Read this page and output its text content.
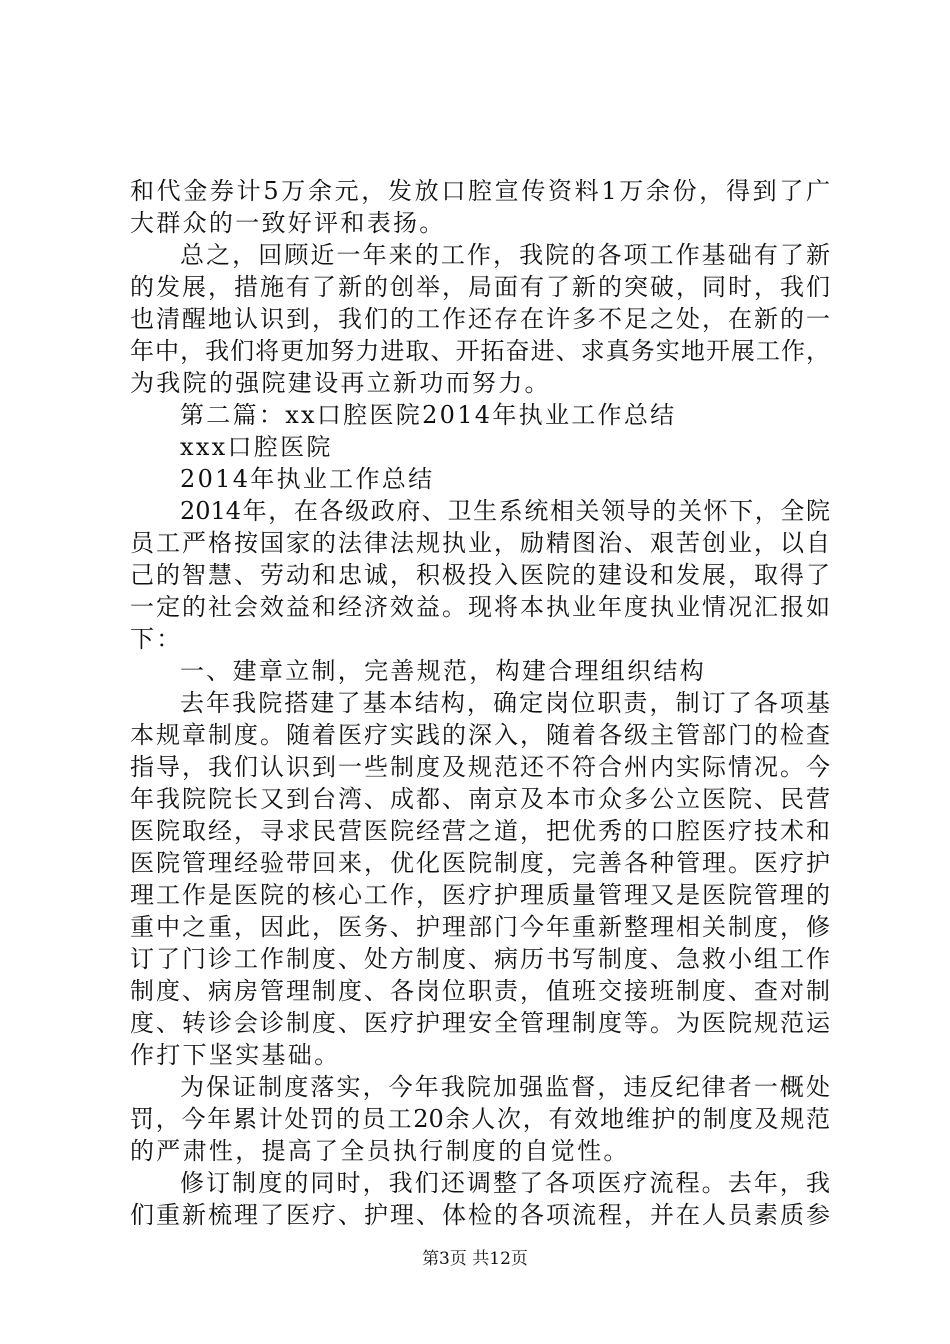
和代金券计5万余元，发放口腔宣传资料1万余份，得到了广
大群众的一致好评和表扬。
总之，回顾近一年来的工作，我院的各项工作基础有了新
的发展，措施有了新的创举，局面有了新的突破，同时，我们
也清醒地认识到，我们的工作还存在许多不足之处，在新的一
年中，我们将更加努力进取、开拓奋进、求真务实地开展工作，
为我院的强院建设再立新功而努力。
第二篇：xx口腔医院2014年执业工作总结
xxx口腔医院
2014年执业工作总结
2014年，在各级政府、卫生系统相关领导的关怀下，全院
员工严格按国家的法律法规执业，励精图治、艰苦创业，以自
己的智慧、劳动和忠诚，积极投入医院的建设和发展，取得了
一定的社会效益和经济效益。现将本执业年度执业情况汇报如
下：
一、建章立制，完善规范，构建合理组织结构
去年我院搭建了基本结构，确定岗位职责，制订了各项基
本规章制度。随着医疗实践的深入，随着各级主管部门的检查
指导，我们认识到一些制度及规范还不符合州内实际情况。今
年我院院长又到台湾、成都、南京及本市众多公立医院、民营
医院取经，寻求民营医院经营之道，把优秀的口腔医疗技术和
医院管理经验带回来，优化医院制度，完善各种管理。医疗护
理工作是医院的核心工作，医疗护理质量管理又是医院管理的
重中之重，因此，医务、护理部门今年重新整理相关制度，修
订了门诊工作制度、处方制度、病历书写制度、急救小组工作
制度、病房管理制度、各岗位职责，值班交接班制度、查对制
度、转诊会诊制度、医疗护理安全管理制度等。为医院规范运
作打下坚实基础。
为保证制度落实，今年我院加强监督，违反纪律者一概处
罚，今年累计处罚的员工20余人次，有效地维护的制度及规范
的严肃性，提高了全员执行制度的自觉性。
修订制度的同时，我们还调整了各项医疗流程。去年，我
们重新梳理了医疗、护理、体检的各项流程，并在人员素质参
第3页 共12页
